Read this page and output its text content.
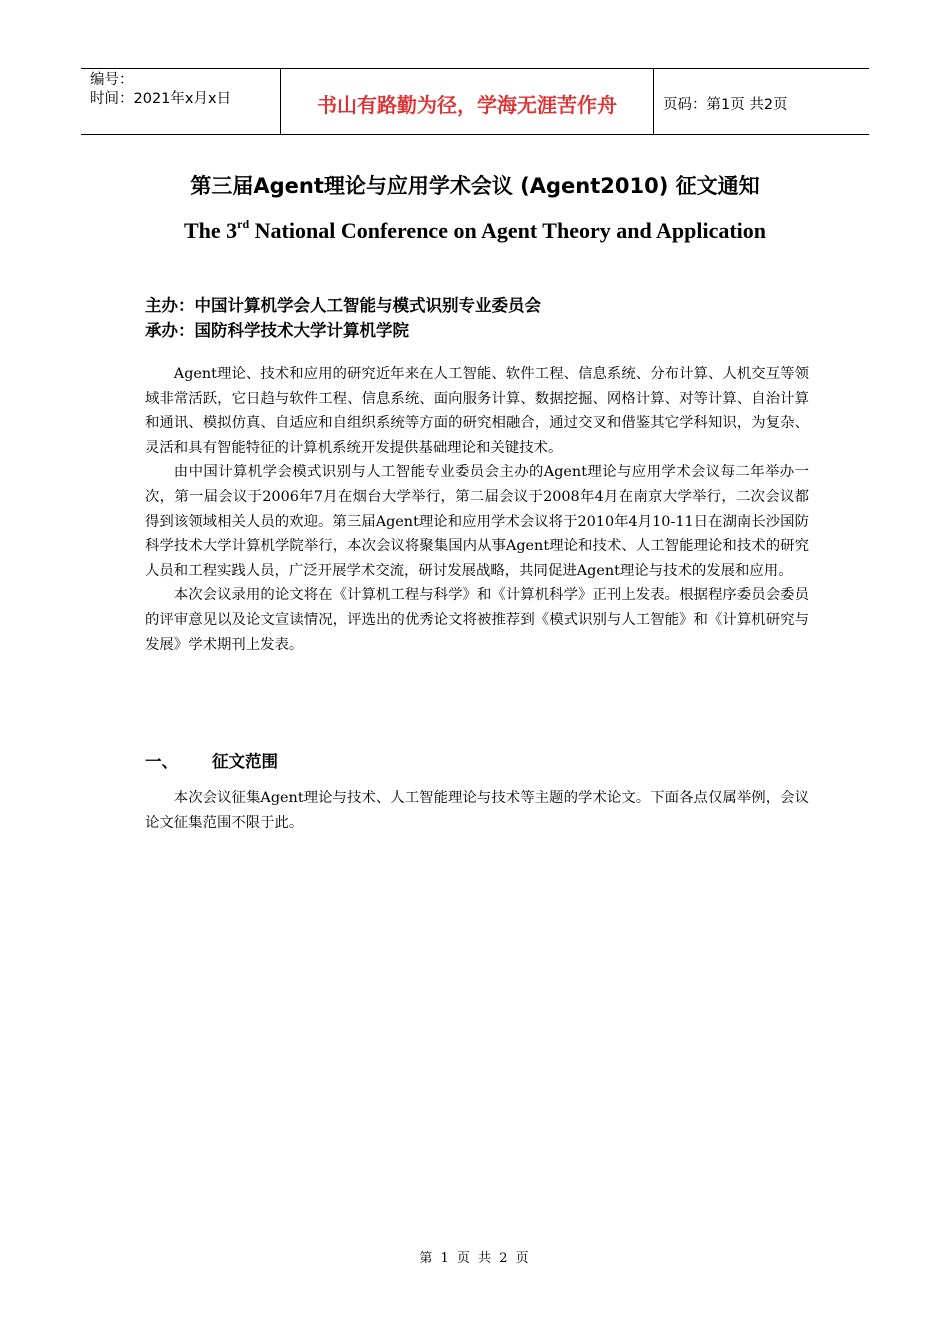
编号：
时间：2021年x月x日	书山有路勤为径，学海无涯苦作舟	页码：第1页 共2页
第三届Agent理论与应用学术会议 (Agent2010) 征文通知
The 3rd National Conference on Agent Theory and Application
主办：中国计算机学会人工智能与模式识别专业委员会
承办：国防科学技术大学计算机学院

Agent理论、技术和应用的研究近年来在人工智能、软件工程、信息系统、分布计算、人机交互等领域非常活跃，它日趋与软件工程、信息系统、面向服务计算、数据挖掘、网格计算、对等计算、自治计算和通讯、模拟仿真、自适应和自组织系统等方面的研究相融合，通过交叉和借鉴其它学科知识，为复杂、灵活和具有智能特征的计算机系统开发提供基础理论和关键技术。

由中国计算机学会模式识别与人工智能专业委员会主办的Agent理论与应用学术会议每二年举办一次，第一届会议于2006年7月在烟台大学举行，第二届会议于2008年4月在南京大学举行，二次会议都得到该领域相关人员的欢迎。第三届Agent理论和应用学术会议将于2010年4月10-11日在湖南长沙国防科学技术大学计算机学院举行，本次会议将聚集国内从事Agent理论和技术、人工智能理论和技术的研究人员和工程实践人员，广泛开展学术交流，研讨发展战略，共同促进Agent理论与技术的发展和应用。

本次会议录用的论文将在《计算机工程与科学》和《计算机科学》正刊上发表。根据程序委员会委员的评审意见以及论文宣读情况，评选出的优秀论文将被推荐到《模式识别与人工智能》和《计算机研究与发展》学术期刊上发表。

一、	征文范围

本次会议征集Agent理论与技术、人工智能理论与技术等主题的学术论文。下面各点仅属举例，会议论文征集范围不限于此。

第 1 页 共 2 页
